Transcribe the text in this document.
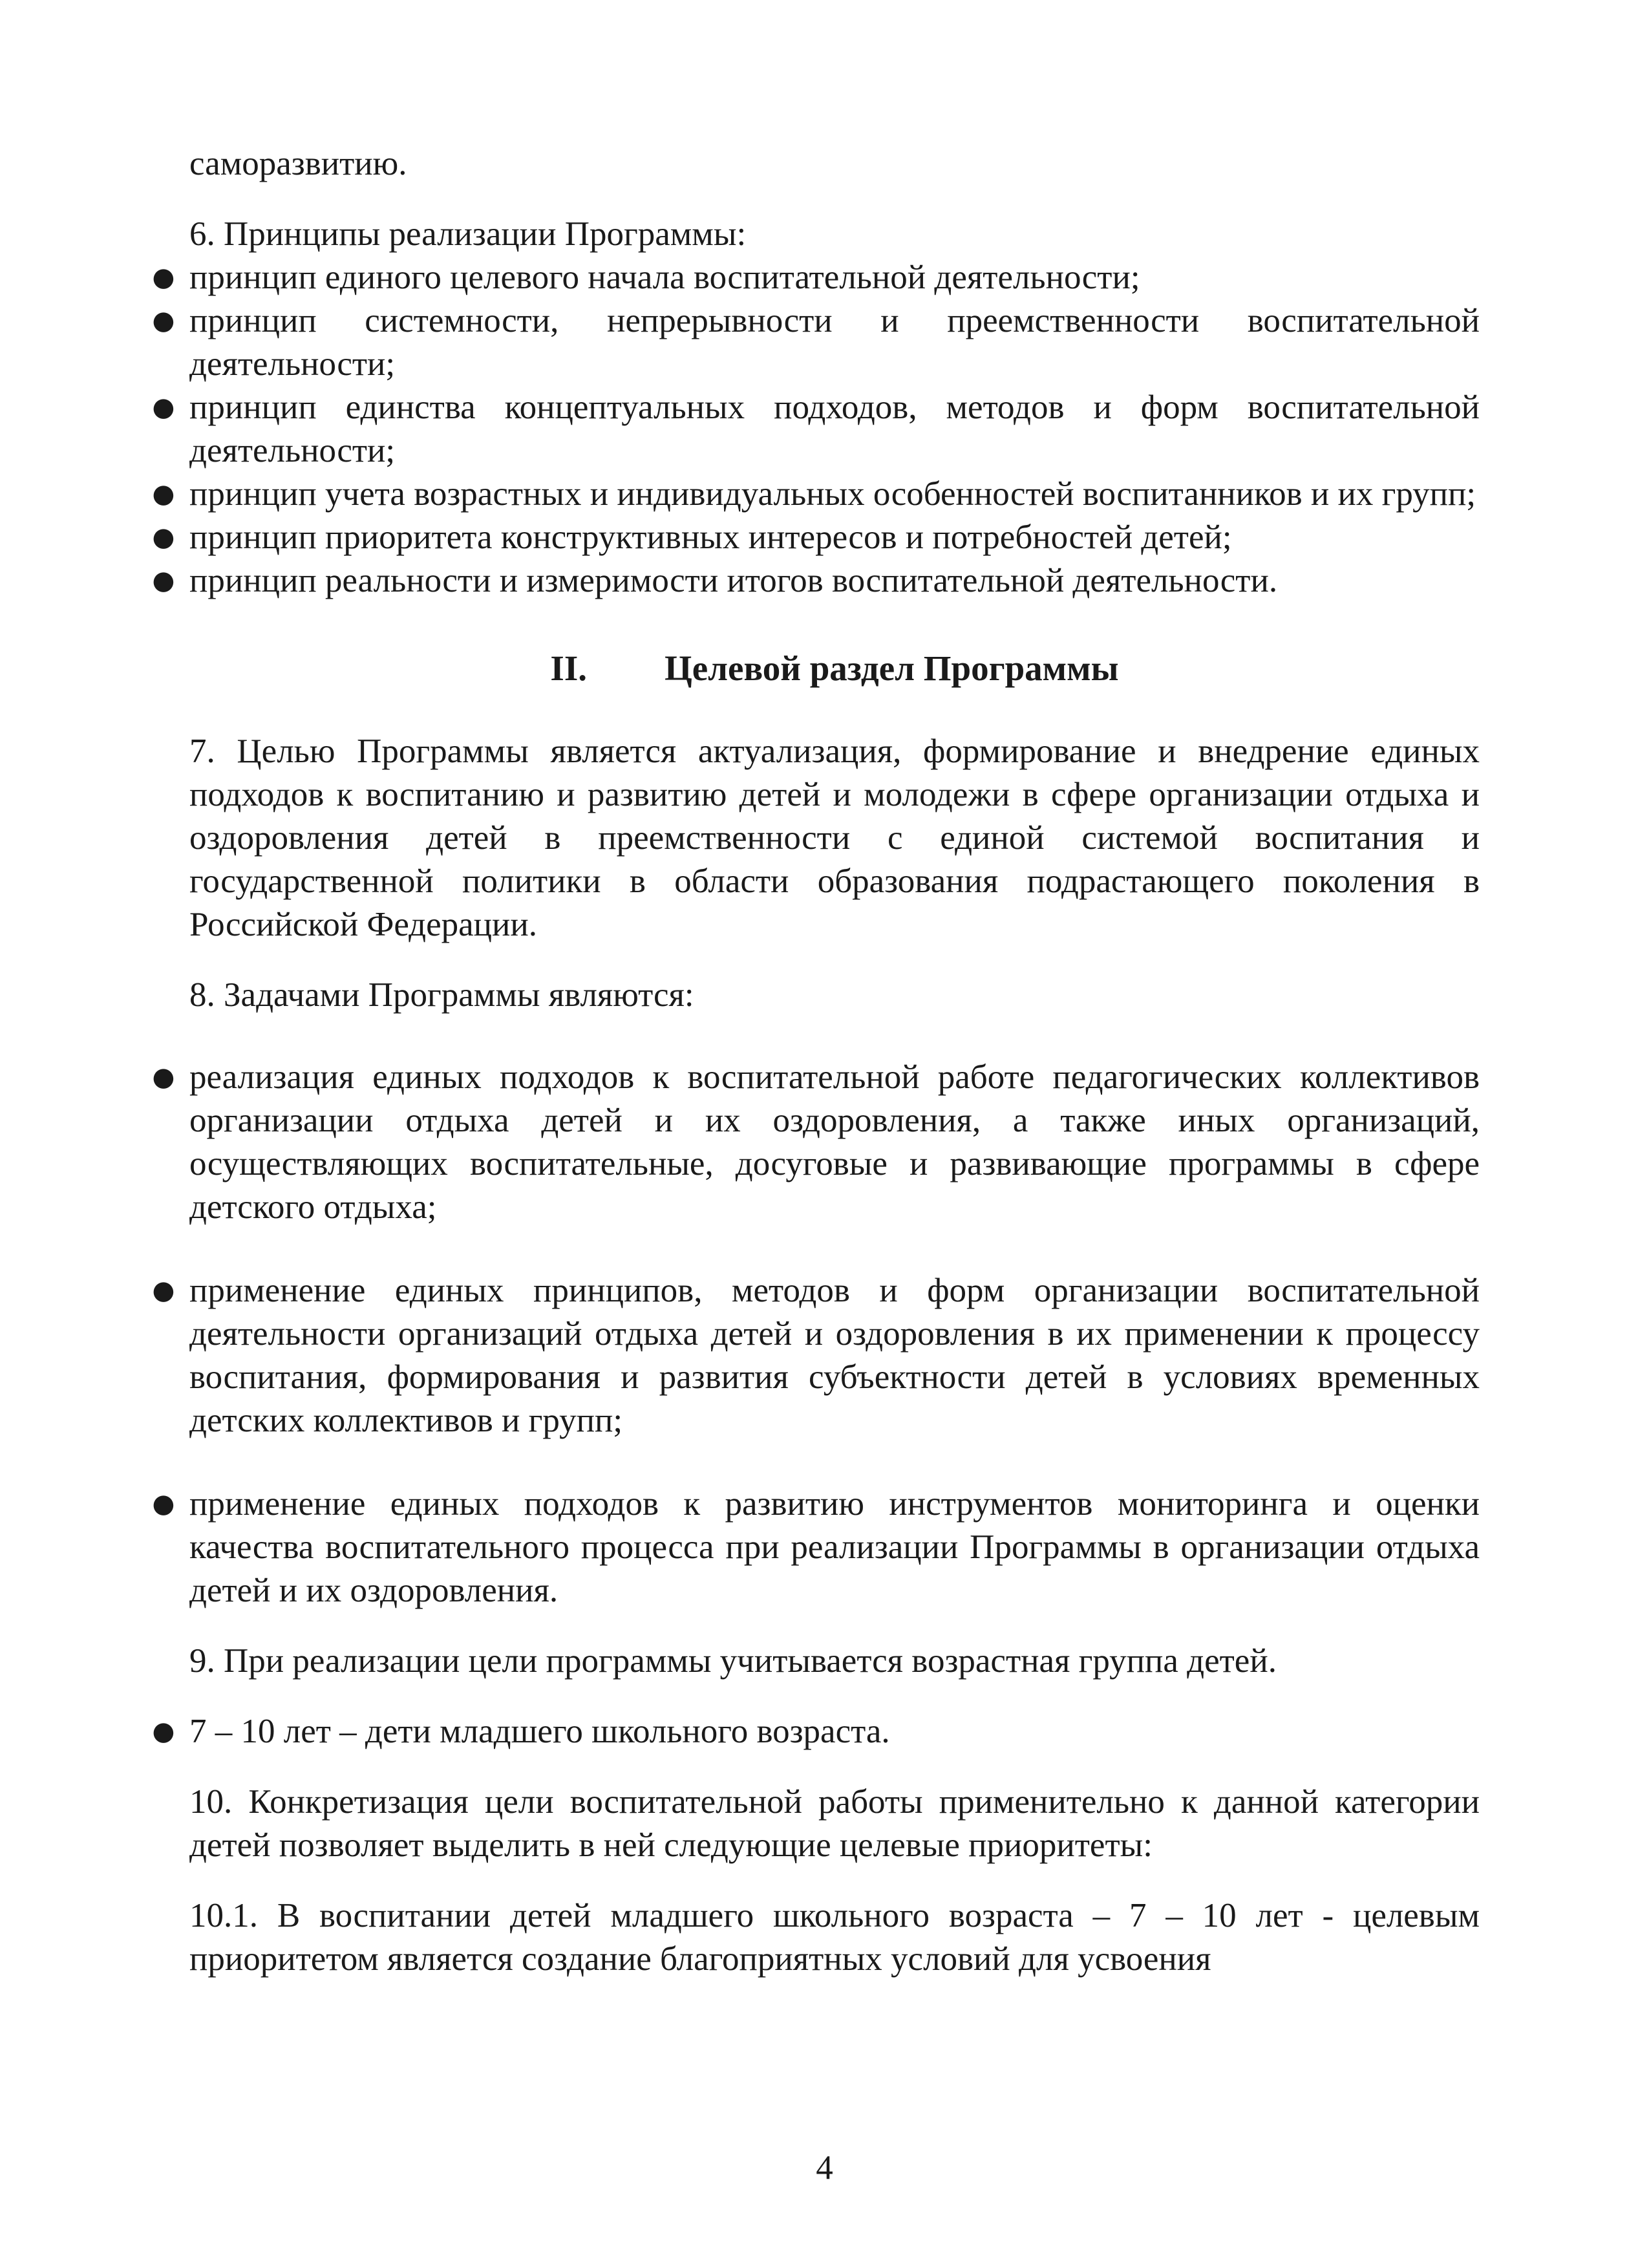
саморазвитию.

6. Принципы реализации Программы:

● принцип единого целевого начала воспитательной деятельности;
● принцип системности, непрерывности и преемственности воспитательной деятельности;
● принцип единства концептуальных подходов, методов и форм воспитательной деятельности;
● принцип учета возрастных и индивидуальных особенностей воспитанников и их групп;
● принцип приоритета конструктивных интересов и потребностей детей;
● принцип реальности и измеримости итогов воспитательной деятельности.
II. Целевой раздел Программы

7. Целью Программы является актуализация, формирование и внедрение единых подходов к воспитанию и развитию детей и молодежи в сфере организации отдыха и оздоровления детей в преемственности с единой системой воспитания и государственной политики в области образования подрастающего поколения в Российской Федерации.

8. Задачами Программы являются:

● реализация единых подходов к воспитательной работе педагогических коллективов организации отдыха детей и их оздоровления, а также иных организаций, осуществляющих воспитательные, досуговые и развивающие программы в сфере детского отдыха;
● применение единых принципов, методов и форм организации воспитательной деятельности организаций отдыха детей и оздоровления в их применении к процессу воспитания, формирования и развития субъектности детей в условиях временных детских коллективов и групп;
● применение единых подходов к развитию инструментов мониторинга и оценки качества воспитательного процесса при реализации Программы в организации отдыха детей и их оздоровления.

9. При реализации цели программы учитывается возрастная группа детей.

● 7 – 10 лет – дети младшего школьного возраста.

10. Конкретизация цели воспитательной работы применительно к данной категории детей позволяет выделить в ней следующие целевые приоритеты:

10.1. В воспитании детей младшего школьного возраста – 7 – 10 лет - целевым приоритетом является создание благоприятных условий для усвоения

4
